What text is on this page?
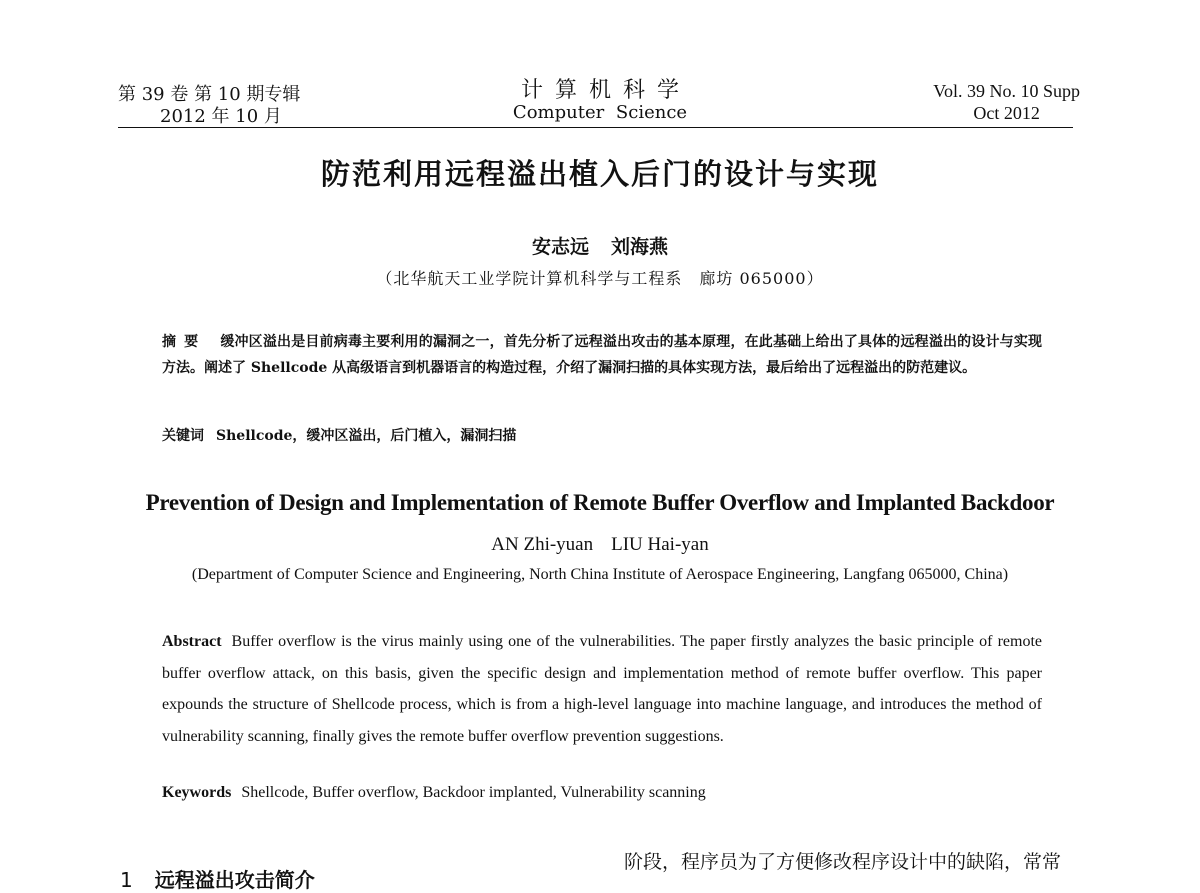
第 39 卷 第 10 期专辑
2012 年 10 月
计算机科学
Computer Science
Vol. 39 No. 10 Supp
Oct 2012
防范利用远程溢出植入后门的设计与实现
安志远 刘海燕
（北华航天工业学院计算机科学与工程系　廊坊 065000）
摘要 缓冲区溢出是目前病毒主要利用的漏洞之一，首先分析了远程溢出攻击的基本原理，在此基础上给出了具体的远程溢出的设计与实现方法。阐述了 Shellcode 从高级语言到机器语言的构造过程，介绍了漏洞扫描的具体实现方法，最后给出了远程溢出的防范建议。
关键词 Shellcode，缓冲区溢出，后门植入，漏洞扫描
Prevention of Design and Implementation of Remote Buffer Overflow and Implanted Backdoor
AN Zhi-yuan LIU Hai-yan
(Department of Computer Science and Engineering, North China Institute of Aerospace Engineering, Langfang 065000, China)
Abstract Buffer overflow is the virus mainly using one of the vulnerabilities. The paper firstly analyzes the basic principle of remote buffer overflow attack, on this basis, given the specific design and implementation method of remote buffer overflow. This paper expounds the structure of Shellcode process, which is from a high-level language into machine language, and introduces the method of vulnerability scanning, finally gives the remote buffer overflow prevention suggestions.
Keywords Shellcode, Buffer overflow, Backdoor implanted, Vulnerability scanning
1 远程溢出攻击简介
阶段，程序员为了方便修改程序设计中的缺陷，常常
